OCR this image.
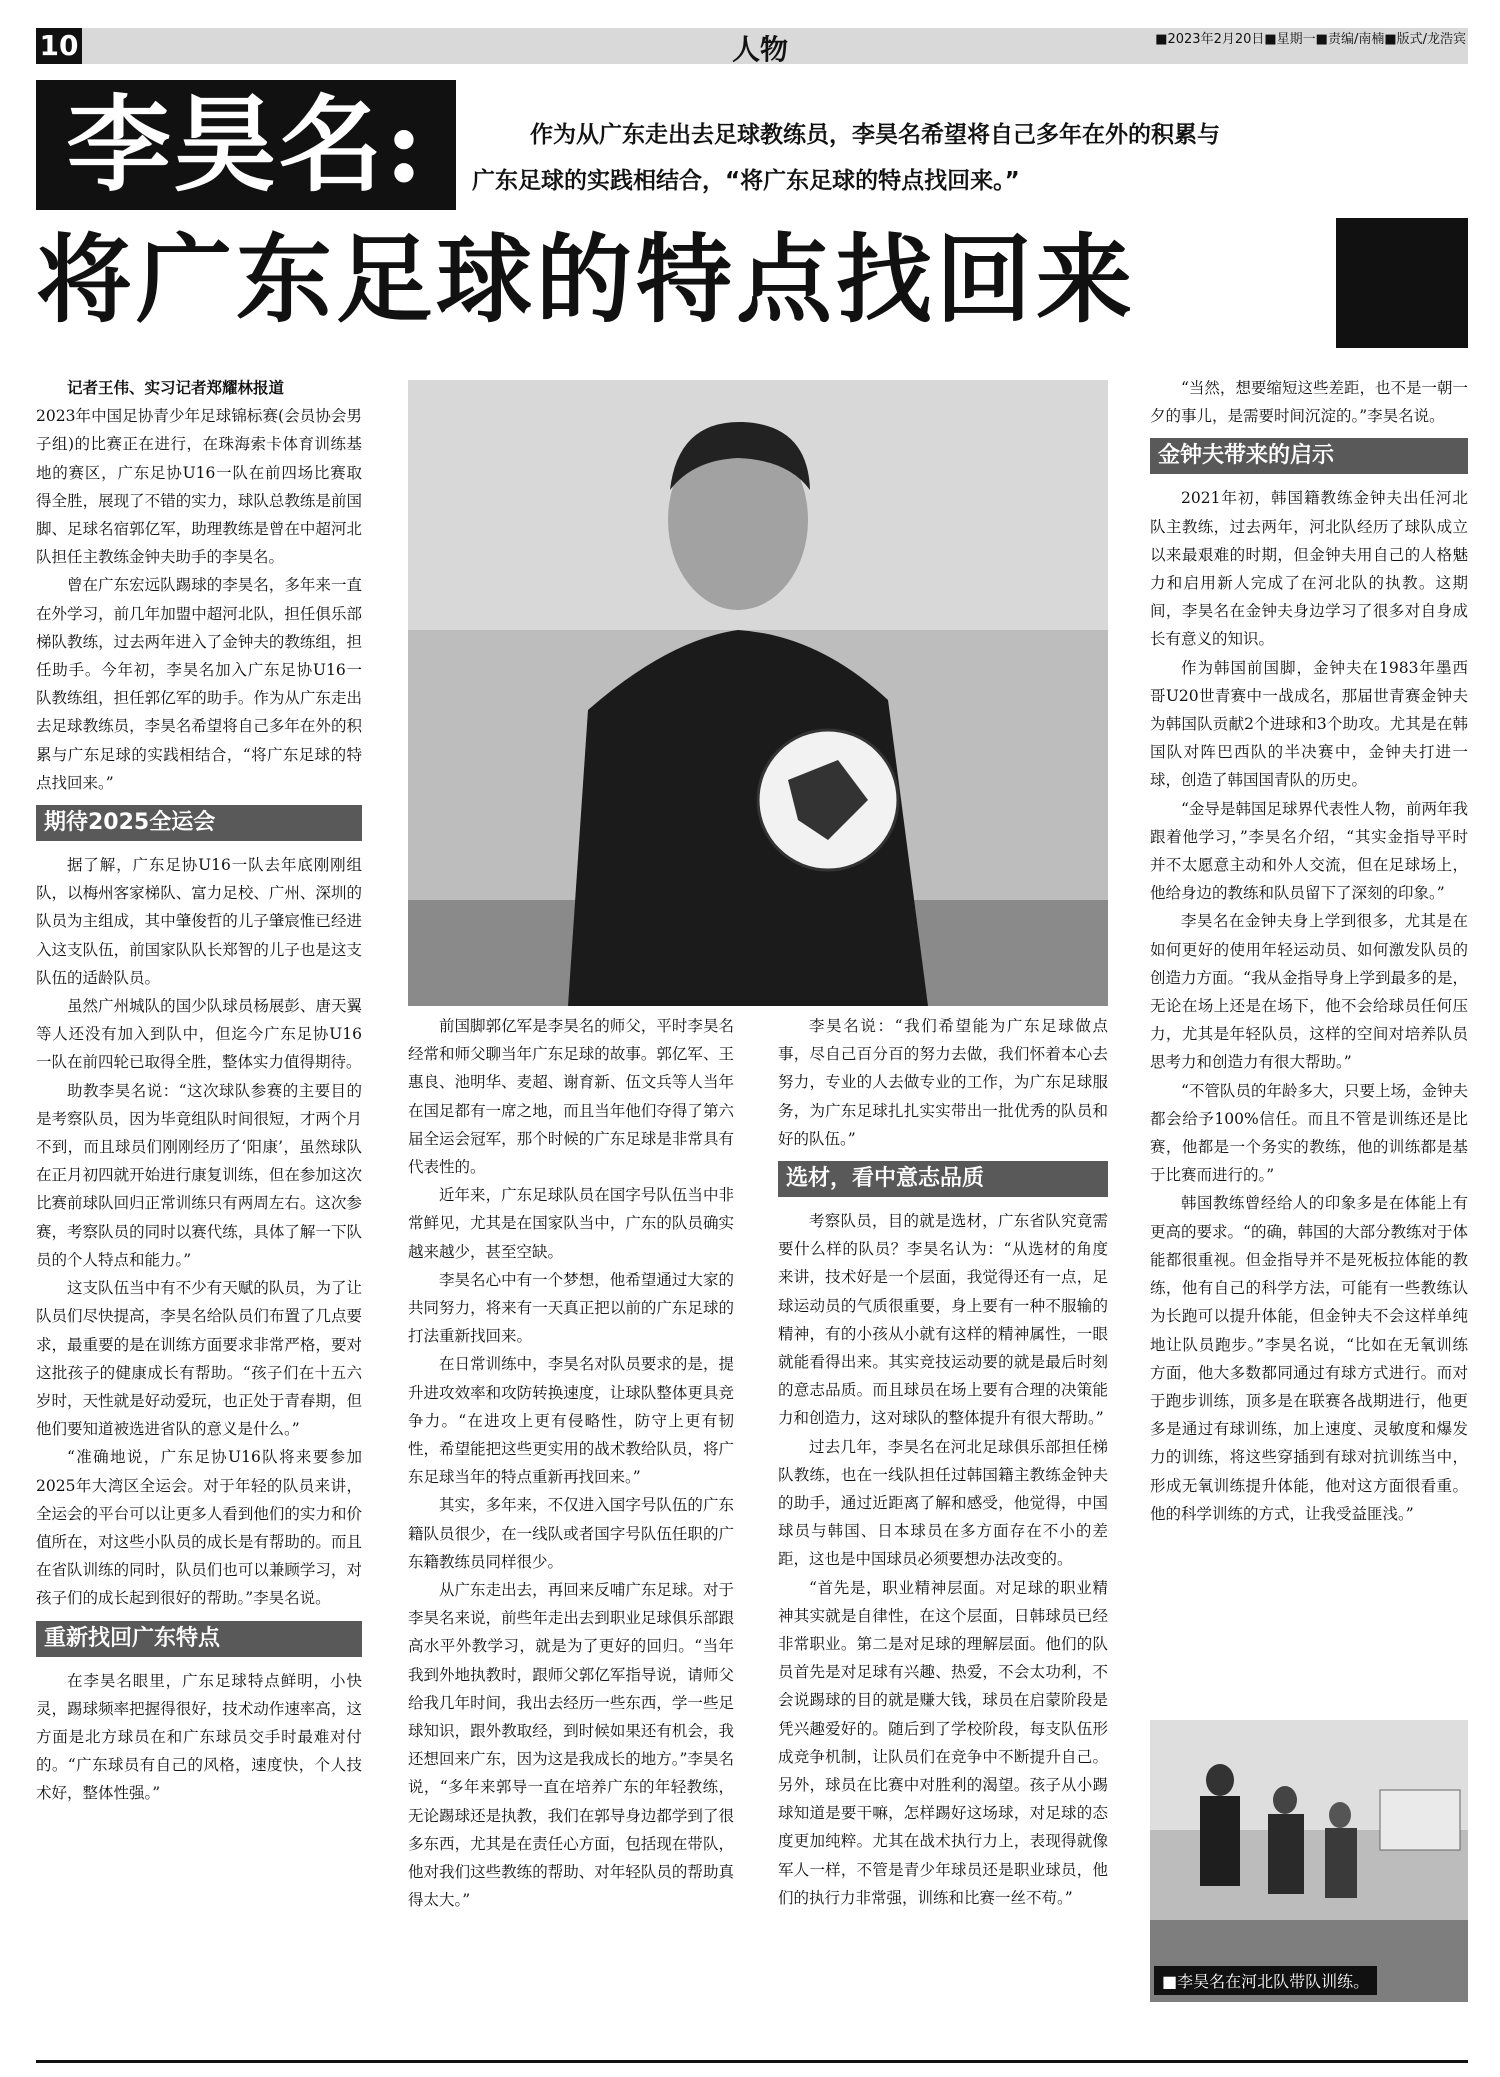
10	人物	■2023年2月20日■星期一■责编/南楠■版式/龙浩宾
李昊名:	作为从广东走出去足球教练员，李昊名希望将自己多年在外的积累与

广东足球的实践相结合，“将广东足球的特点找回来。”

将广东足球的特点找回来

记者王伟、实习记者郑耀林报道

2023年中国足协青少年足球锦标赛(会员协会男子组)的比赛正在进行，在珠海索卡体育训练基地的赛区，广东足协U16一队在前四场比赛取得全胜，展现了不错的实力，球队总教练是前国脚、足球名宿郭亿军，助理教练是曾在中超河北队担任主教练金钟夫助手的李昊名。

曾在广东宏远队踢球的李昊名，多年来一直在外学习，前几年加盟中超河北队，担任俱乐部梯队教练，过去两年进入了金钟夫的教练组，担任助手。今年初，李昊名加入广东足协U16一队教练组，担任郭亿军的助手。作为从广东走出去足球教练员，李昊名希望将自己多年在外的积累与广东足球的实践相结合，“将广东足球的特点找回来。”

期待2025全运会

据了解，广东足协U16一队去年底刚刚组队，以梅州客家梯队、富力足校、广州、深圳的队员为主组成，其中肇俊哲的儿子肇宸惟已经进入这支队伍，前国家队队长郑智的儿子也是这支队伍的适龄队员。

虽然广州城队的国少队球员杨展彭、唐天翼等人还没有加入到队中，但迄今广东足协U16一队在前四轮已取得全胜，整体实力值得期待。

助教李昊名说：“这次球队参赛的主要目的是考察队员，因为毕竟组队时间很短，才两个月不到，而且球员们刚刚经历了‘阳康’，虽然球队在正月初四就开始进行康复训练，但在参加这次比赛前球队回归正常训练只有两周左右。这次参赛，考察队员的同时以赛代练，具体了解一下队员的个人特点和能力。”

这支队伍当中有不少有天赋的队员，为了让队员们尽快提高，李昊名给队员们布置了几点要求，最重要的是在训练方面要求非常严格，要对这批孩子的健康成长有帮助。“孩子们在十五六岁时，天性就是好动爱玩，也正处于青春期，但他们要知道被选进省队的意义是什么。”

“准确地说，广东足协U16队将来要参加2025年大湾区全运会。对于年轻的队员来讲，全运会的平台可以让更多人看到他们的实力和价值所在，对这些小队员的成长是有帮助的。而且在省队训练的同时，队员们也可以兼顾学习，对孩子们的成长起到很好的帮助。”李昊名说。

重新找回广东特点

在李昊名眼里，广东足球特点鲜明，小快灵，踢球频率把握得很好，技术动作速率高，这方面是北方球员在和广东球员交手时最难对付的。“广东球员有自己的风格，速度快，个人技术好，整体性强。”

前国脚郭亿军是李昊名的师父，平时李昊名经常和师父聊当年广东足球的故事。郭亿军、王惠良、池明华、麦超、谢育新、伍文兵等人当年在国足都有一席之地，而且当年他们夺得了第六届全运会冠军，那个时候的广东足球是非常具有代表性的。

近年来，广东足球队员在国字号队伍当中非常鲜见，尤其是在国家队当中，广东的队员确实越来越少，甚至空缺。

李昊名心中有一个梦想，他希望通过大家的共同努力，将来有一天真正把以前的广东足球的打法重新找回来。

在日常训练中，李昊名对队员要求的是，提升进攻效率和攻防转换速度，让球队整体更具竞争力。“在进攻上更有侵略性，防守上更有韧性，希望能把这些更实用的战术教给队员，将广东足球当年的特点重新再找回来。”

其实，多年来，不仅进入国字号队伍的广东籍队员很少，在一线队或者国字号队伍任职的广东籍教练员同样很少。

从广东走出去，再回来反哺广东足球。对于李昊名来说，前些年走出去到职业足球俱乐部跟高水平外教学习，就是为了更好的回归。“当年我到外地执教时，跟师父郭亿军指导说，请师父给我几年时间，我出去经历一些东西，学一些足球知识，跟外教取经，到时候如果还有机会，我还想回来广东，因为这是我成长的地方。”李昊名说，“多年来郭导一直在培养广东的年轻教练，无论踢球还是执教，我们在郭导身边都学到了很多东西，尤其是在责任心方面，包括现在带队，他对我们这些教练的帮助、对年轻队员的帮助真得太大。”

李昊名说：“我们希望能为广东足球做点事，尽自己百分百的努力去做，我们怀着本心去努力，专业的人去做专业的工作，为广东足球服务，为广东足球扎扎实实带出一批优秀的队员和好的队伍。”

选材，看中意志品质

考察队员，目的就是选材，广东省队究竟需要什么样的队员？李昊名认为：“从选材的角度来讲，技术好是一个层面，我觉得还有一点，足球运动员的气质很重要，身上要有一种不服输的精神，有的小孩从小就有这样的精神属性，一眼就能看得出来。其实竞技运动要的就是最后时刻的意志品质。而且球员在场上要有合理的决策能力和创造力，这对球队的整体提升有很大帮助。”

过去几年，李昊名在河北足球俱乐部担任梯队教练，也在一线队担任过韩国籍主教练金钟夫的助手，通过近距离了解和感受，他觉得，中国球员与韩国、日本球员在多方面存在不小的差距，这也是中国球员必须要想办法改变的。

“首先是，职业精神层面。对足球的职业精神其实就是自律性，在这个层面，日韩球员已经非常职业。第二是对足球的理解层面。他们的队员首先是对足球有兴趣、热爱，不会太功利，不会说踢球的目的就是赚大钱，球员在启蒙阶段是凭兴趣爱好的。随后到了学校阶段，每支队伍形成竞争机制，让队员们在竞争中不断提升自己。另外，球员在比赛中对胜利的渴望。孩子从小踢球知道是要干嘛，怎样踢好这场球，对足球的态度更加纯粹。尤其在战术执行力上，表现得就像军人一样，不管是青少年球员还是职业球员，他们的执行力非常强，训练和比赛一丝不苟。”

“当然，想要缩短这些差距，也不是一朝一夕的事儿，是需要时间沉淀的。”李昊名说。

金钟夫带来的启示

2021年初，韩国籍教练金钟夫出任河北队主教练，过去两年，河北队经历了球队成立以来最艰难的时期，但金钟夫用自己的人格魅力和启用新人完成了在河北队的执教。这期间，李昊名在金钟夫身边学习了很多对自身成长有意义的知识。

作为韩国前国脚，金钟夫在1983年墨西哥U20世青赛中一战成名，那届世青赛金钟夫为韩国队贡献2个进球和3个助攻。尤其是在韩国队对阵巴西队的半决赛中，金钟夫打进一球，创造了韩国国青队的历史。

“金导是韩国足球界代表性人物，前两年我跟着他学习，”李昊名介绍，“其实金指导平时并不太愿意主动和外人交流，但在足球场上，他给身边的教练和队员留下了深刻的印象。”

李昊名在金钟夫身上学到很多，尤其是在如何更好的使用年轻运动员、如何激发队员的创造力方面。“我从金指导身上学到最多的是，无论在场上还是在场下，他不会给球员任何压力，尤其是年轻队员，这样的空间对培养队员思考力和创造力有很大帮助。”

“不管队员的年龄多大，只要上场，金钟夫都会给予100%信任。而且不管是训练还是比赛，他都是一个务实的教练，他的训练都是基于比赛而进行的。”

韩国教练曾经给人的印象多是在体能上有更高的要求。“的确，韩国的大部分教练对于体能都很重视。但金指导并不是死板拉体能的教练，他有自己的科学方法，可能有一些教练认为长跑可以提升体能，但金钟夫不会这样单纯地让队员跑步。”李昊名说，“比如在无氧训练方面，他大多数都同通过有球方式进行。而对于跑步训练，顶多是在联赛各战期进行，他更多是通过有球训练，加上速度、灵敏度和爆发力的训练，将这些穿插到有球对抗训练当中，形成无氧训练提升体能，他对这方面很看重。他的科学训练的方式，让我受益匪浅。”

■李昊名在河北队带队训练。
